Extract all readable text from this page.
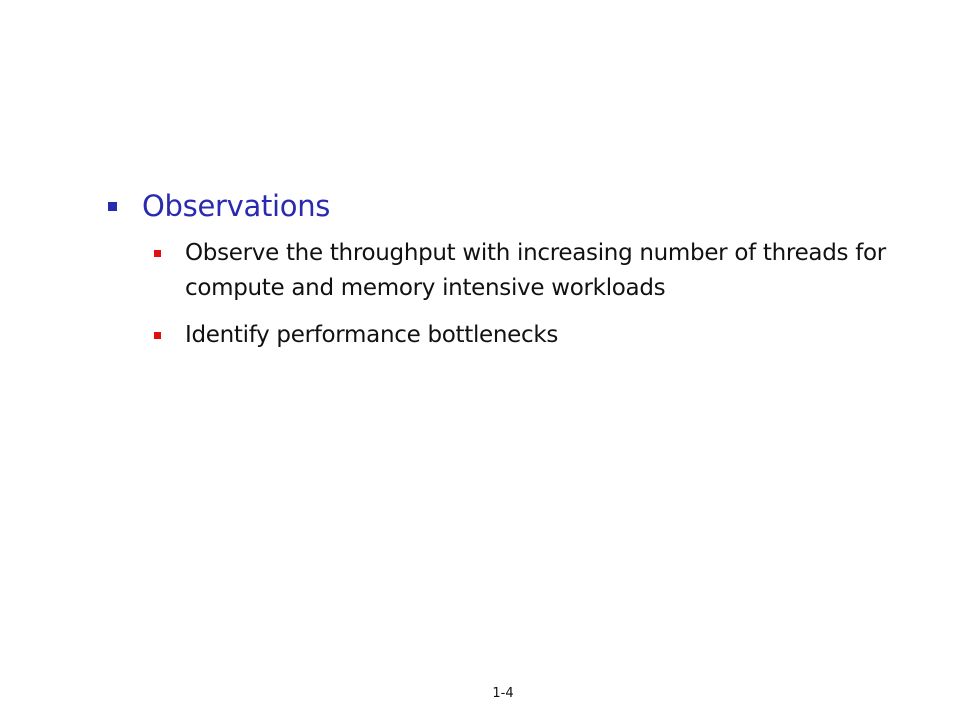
Observations
Observe the throughput with increasing number of threads for compute and memory intensive workloads
Identify performance bottlenecks
1-4
